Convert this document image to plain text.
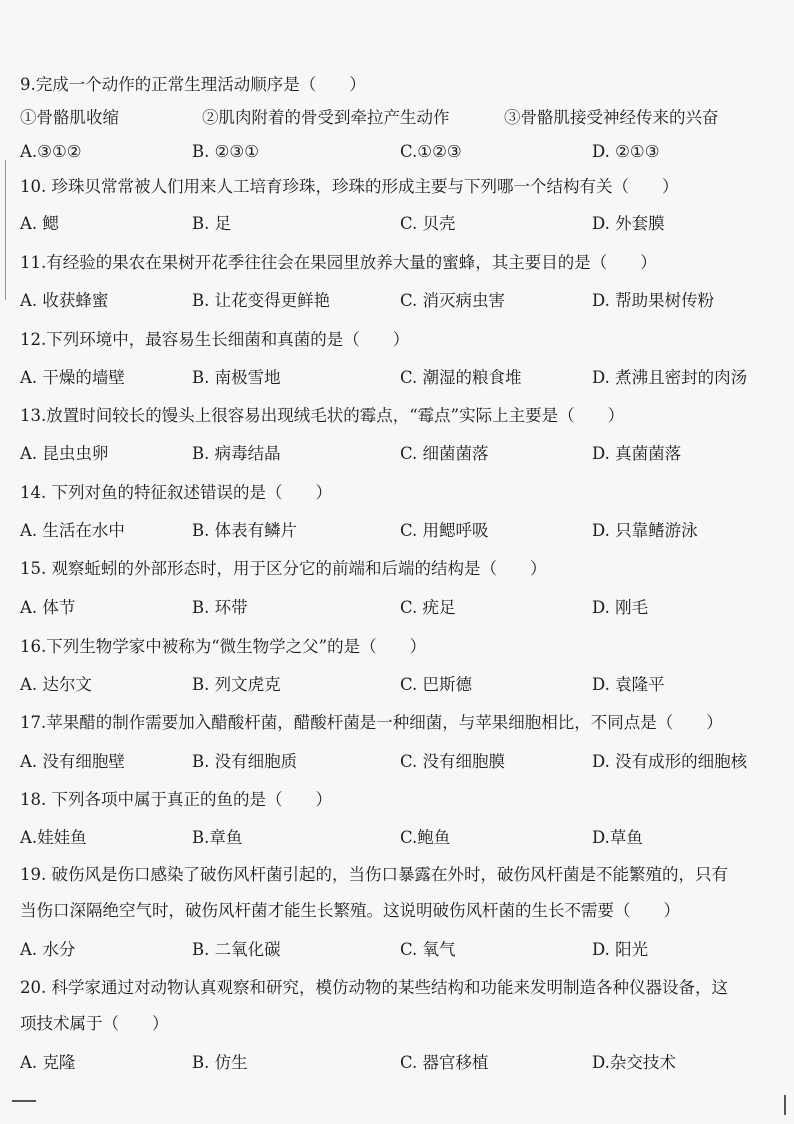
9.完成一个动作的正常生理活动顺序是（　　）
①骨骼肌收缩	②肌肉附着的骨受到牵拉产生动作	③骨骼肌接受神经传来的兴奋
A.③①②	B. ②③①	C.①②③	D. ②①③
10. 珍珠贝常常被人们用来人工培育珍珠，珍珠的形成主要与下列哪一个结构有关（　　）
A. 鳃	B. 足	C. 贝壳	D. 外套膜
11.有经验的果农在果树开花季往往会在果园里放养大量的蜜蜂，其主要目的是（　　）
A. 收获蜂蜜	B. 让花变得更鲜艳	C. 消灭病虫害	D. 帮助果树传粉
12.下列环境中，最容易生长细菌和真菌的是（　　）
A. 干燥的墙壁	B. 南极雪地	C. 潮湿的粮食堆	D. 煮沸且密封的肉汤
13.放置时间较长的馒头上很容易出现绒毛状的霉点，“霉点”实际上主要是（　　）
A. 昆虫虫卵	B. 病毒结晶	C. 细菌菌落	D. 真菌菌落
14. 下列对鱼的特征叙述错误的是（　　）
A. 生活在水中	B. 体表有鳞片	C. 用鳃呼吸	D. 只靠鳍游泳
15. 观察蚯蚓的外部形态时，用于区分它的前端和后端的结构是（　　）
A. 体节	B. 环带	C. 疣足	D. 刚毛
16.下列生物学家中被称为“微生物学之父”的是（　　）
A. 达尔文	B. 列文虎克	C. 巴斯德	D. 袁隆平
17.苹果醋的制作需要加入醋酸杆菌，醋酸杆菌是一种细菌，与苹果细胞相比，不同点是（　　）
A. 没有细胞壁	B. 没有细胞质	C. 没有细胞膜	D. 没有成形的细胞核
18. 下列各项中属于真正的鱼的是（　　）
A.娃娃鱼	B.章鱼	C.鲍鱼	D.草鱼
19. 破伤风是伤口感染了破伤风杆菌引起的，当伤口暴露在外时，破伤风杆菌是不能繁殖的，只有
当伤口深隔绝空气时，破伤风杆菌才能生长繁殖。这说明破伤风杆菌的生长不需要（　　）
A. 水分	B. 二氧化碳	C. 氧气	D. 阳光
20. 科学家通过对动物认真观察和研究，模仿动物的某些结构和功能来发明制造各种仪器设备，这
项技术属于（　　）
A. 克隆	B. 仿生	C. 器官移植	D.杂交技术
